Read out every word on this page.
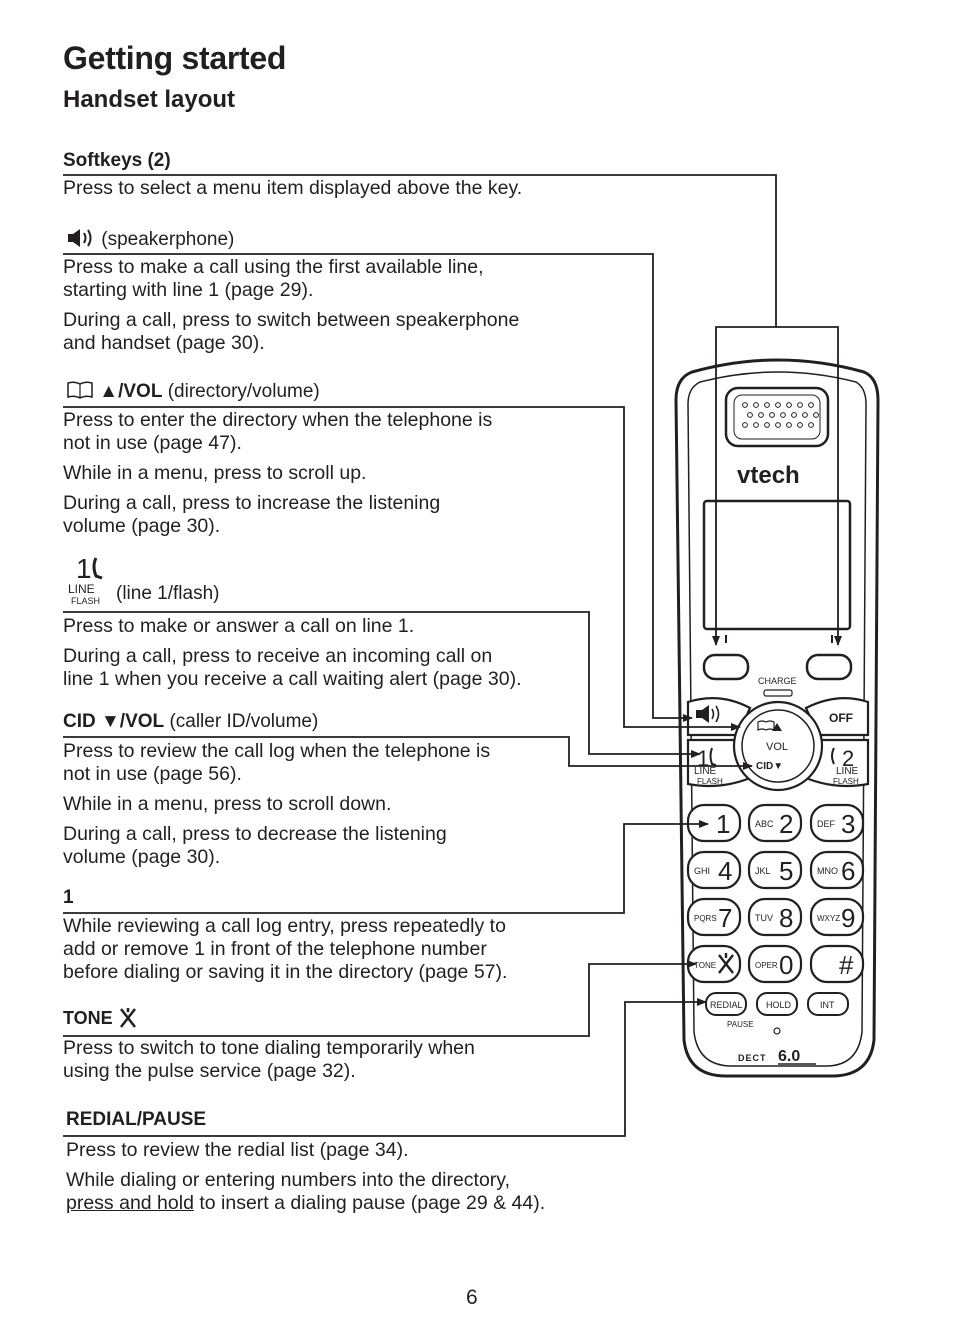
Getting started
Handset layout
Softkeys (2)
Press to select a menu item displayed above the key.
(speakerphone)
Press to make a call using the first available line,
starting with line 1 (page 29).
During a call, press to switch between speakerphone
and handset (page 30).
▲/VOL (directory/volume)
Press to enter the directory when the telephone is
not in use (page 47).
While in a menu, press to scroll up.
During a call, press to increase the listening
volume (page 30).
1
LINE
FLASH (line 1/flash)
Press to make or answer a call on line 1.
During a call, press to receive an incoming call on
line 1 when you receive a call waiting alert (page 30).
CID ▼/VOL (caller ID/volume)
Press to review the call log when the telephone is
not in use (page 56).
While in a menu, press to scroll down.
During a call, press to decrease the listening
volume (page 30).
1
While reviewing a call log entry, press repeatedly to
add or remove 1 in front of the telephone number
before dialing or saving it in the directory (page 57).
TONE
Press to switch to tone dialing temporarily when
using the pulse service (page 32).
REDIAL/PAUSE
Press to review the redial list (page 34).
While dialing or entering numbers into the directory,
press and hold to insert a dialing pause (page 29 & 44).
6
vtech
CHARGE
OFF
1
LINE
FLASH
2
LINE
FLASH
VOL
CID▼
1	ABC 2	DEF 3
GHI 4	JKL 5	MNO 6
PQRS 7	TUV 8	WXYZ 9
TONE	OPER 0 #
REDIAL
PAUSE
HOLD	INT
DECT 6.0
